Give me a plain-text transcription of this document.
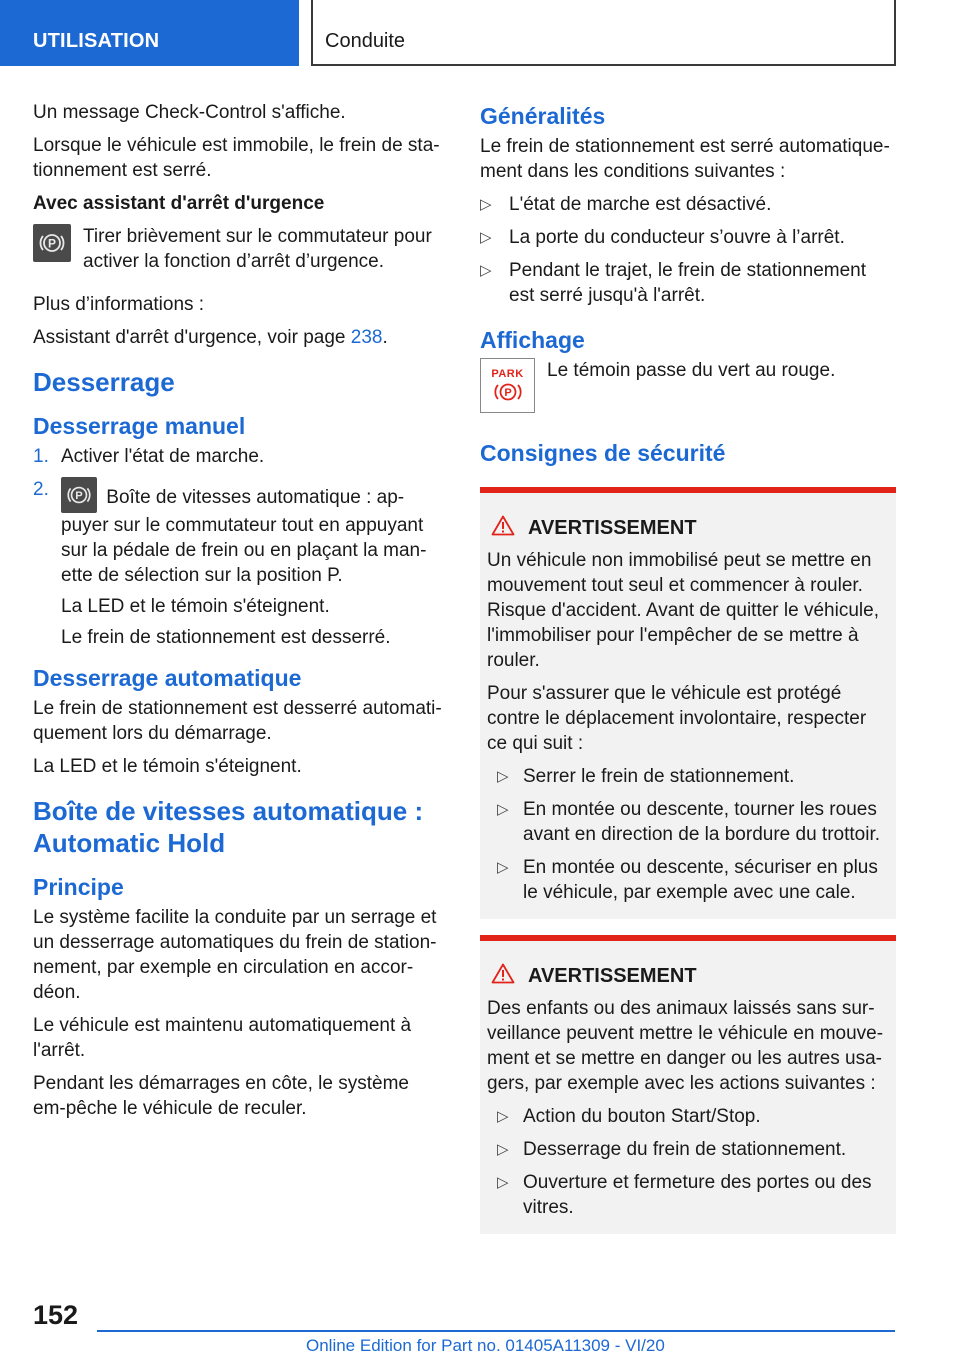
UTILISATION	Conduite

Un message Check-Control s'affiche.

Lorsque le véhicule est immobile, le frein de sta-tionnement est serré.

Avec assistant d'arrêt d'urgence

P Tirer brièvement sur le commutateur pour activer la fonction d’arrêt d’urgence.

Plus d’informations :

Assistant d'arrêt d'urgence, voir page 238.

Desserrage
Desserrage manuel
1. Activer l'état de marche.
2. P Boîte de vitesses automatique : ap-puyer sur le commutateur tout en appuyant sur la pédale de frein ou en plaçant la man-ette de sélection sur la position P.
La LED et le témoin s'éteignent.
Le frein de stationnement est desserré.
Desserrage automatique

Le frein de stationnement est desserré automati-quement lors du démarrage.

La LED et le témoin s'éteignent.

Boîte de vitesses automatique : Automatic Hold
Principe

Le système facilite la conduite par un serrage et un desserrage automatiques du frein de station-nement, par exemple en circulation en accor-déon.

Le véhicule est maintenu automatiquement à l'arrêt.

Pendant les démarrages en côte, le système em-pêche le véhicule de reculer.

Généralités

Le frein de stationnement est serré automatique-ment dans les conditions suivantes :

▷ L'état de marche est désactivé.
▷ La porte du conducteur s’ouvre à l’arrêt.
▷ Pendant le trajet, le frein de stationnement est serré jusqu'à l'arrêt.
Affichage
PARK
P

Le témoin passe du vert au rouge.

Consignes de sécurité
AVERTISSEMENT

Un véhicule non immobilisé peut se mettre en mouvement tout seul et commencer à rouler. Risque d'accident. Avant de quitter le véhicule, l'immobiliser pour l'empêcher de se mettre à rouler.

Pour s'assurer que le véhicule est protégé contre le déplacement involontaire, respecter ce qui suit :

▷ Serrer le frein de stationnement.
▷ En montée ou descente, tourner les roues avant en direction de la bordure du trottoir.
▷ En montée ou descente, sécuriser en plus le véhicule, par exemple avec une cale.
AVERTISSEMENT

Des enfants ou des animaux laissés sans sur-veillance peuvent mettre le véhicule en mouve-ment et se mettre en danger ou les autres usa-gers, par exemple avec les actions suivantes :

▷ Action du bouton Start/Stop.
▷ Desserrage du frein de stationnement.
▷ Ouverture et fermeture des portes ou des vitres.
152
Online Edition for Part no. 01405A11309 - VI/20
